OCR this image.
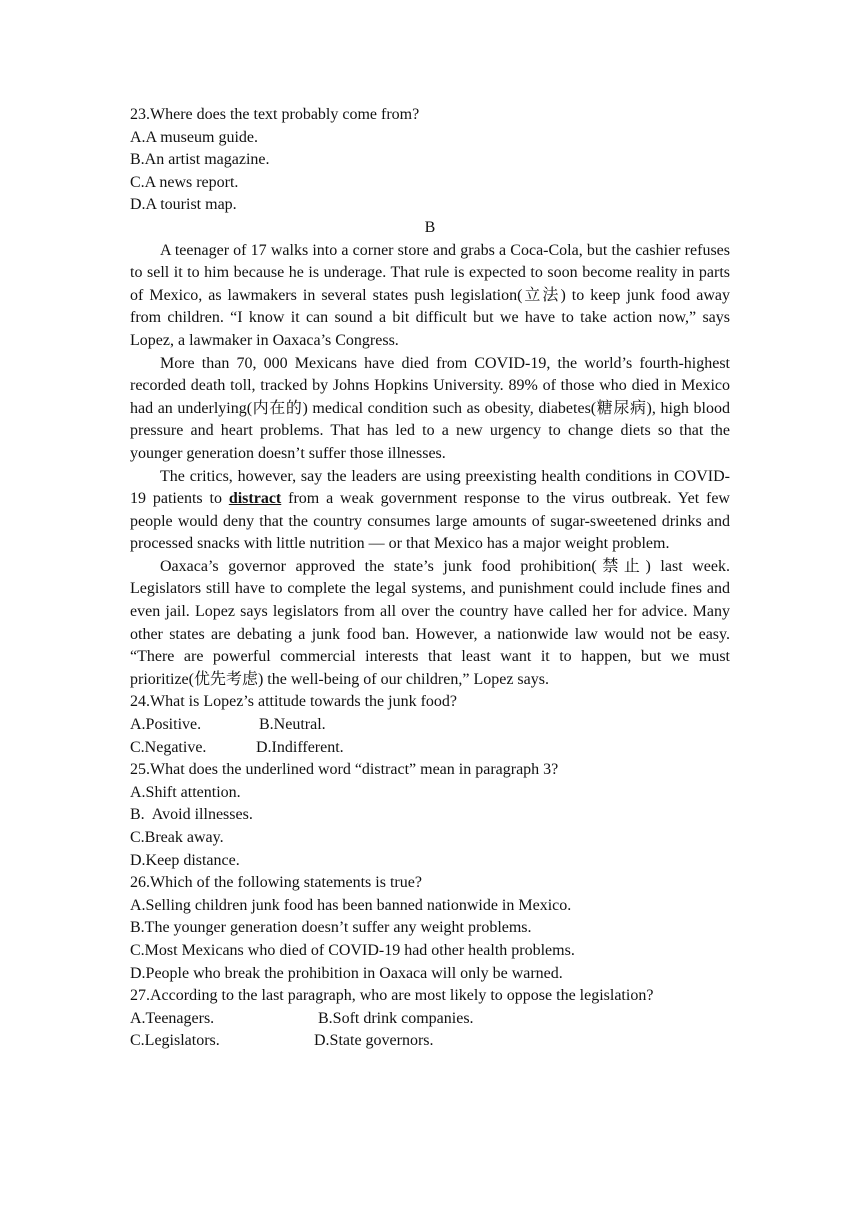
23.Where does the text probably come from?
A.A museum guide.
B.An artist magazine.
C.A news report.
D.A tourist map.
B

A teenager of 17 walks into a corner store and grabs a Coca-Cola, but the cashier refuses to sell it to him because he is underage. That rule is expected to soon become reality in parts of Mexico, as lawmakers in several states push legislation(立法) to keep junk food away from children. “I know it can sound a bit difficult but we have to take action now,” says Lopez, a lawmaker in Oaxaca’s Congress.

More than 70, 000 Mexicans have died from COVID-19, the world’s fourth-highest recorded death toll, tracked by Johns Hopkins University. 89% of those who died in Mexico had an underlying(内在的) medical condition such as obesity, diabetes(糖尿病), high blood pressure and heart problems. That has led to a new urgency to change diets so that the younger generation doesn’t suffer those illnesses.

The critics, however, say the leaders are using preexisting health conditions in COVID-19 patients to distract from a weak government response to the virus outbreak. Yet few people would deny that the country consumes large amounts of sugar-sweetened drinks and processed snacks with little nutrition — or that Mexico has a major weight problem.

Oaxaca’s governor approved the state’s junk food prohibition(禁止) last week. Legislators still have to complete the legal systems, and punishment could include fines and even jail. Lopez says legislators from all over the country have called her for advice. Many other states are debating a junk food ban. However, a nationwide law would not be easy. “There are powerful commercial interests that least want it to happen, but we must prioritize(优先考虑) the well-being of our children,” Lopez says.

24.What is Lopez’s attitude towards the junk food?
A.Positive.	B.Neutral.
C.Negative.	D.Indifferent.
25.What does the underlined word “distract” mean in paragraph 3?
A.Shift attention.
B.  Avoid illnesses.
C.Break away.
D.Keep distance.
26.Which of the following statements is true?
A.Selling children junk food has been banned nationwide in Mexico.
B.The younger generation doesn’t suffer any weight problems.
C.Most Mexicans who died of COVID-19 had other health problems.
D.People who break the prohibition in Oaxaca will only be warned.
27.According to the last paragraph, who are most likely to oppose the legislation?
A.Teenagers.	B.Soft drink companies.
C.Legislators.	D.State governors.
